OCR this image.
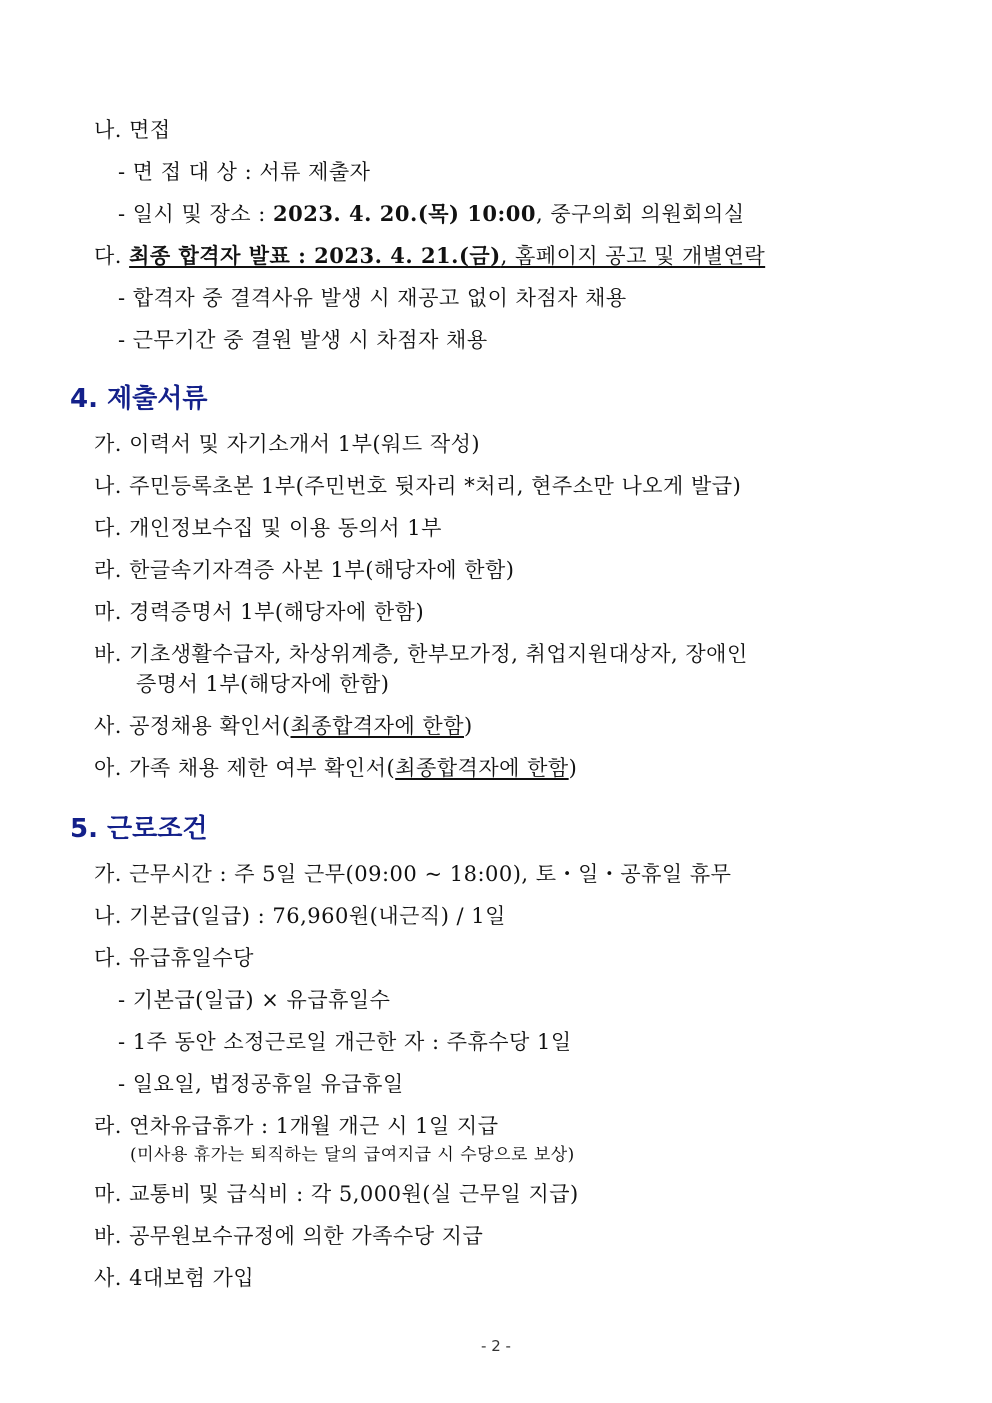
나. 면접
- 면 접 대 상 : 서류 제출자
- 일시 및 장소 : 2023. 4. 20.(목) 10:00, 중구의회 의원회의실
다. 최종 합격자 발표 : 2023. 4. 21.(금), 홈페이지 공고 및 개별연락
- 합격자 중 결격사유 발생 시 재공고 없이 차점자 채용
- 근무기간 중 결원 발생 시 차점자 채용
4. 제출서류
가. 이력서 및 자기소개서 1부(워드 작성)
나. 주민등록초본 1부(주민번호 뒷자리 *처리, 현주소만 나오게 발급)
다. 개인정보수집 및 이용 동의서 1부
라. 한글속기자격증 사본 1부(해당자에 한함)
마. 경력증명서 1부(해당자에 한함)
바. 기초생활수급자, 차상위계층, 한부모가정, 취업지원대상자, 장애인
증명서 1부(해당자에 한함)
사. 공정채용 확인서(최종합격자에 한함)
아. 가족 채용 제한 여부 확인서(최종합격자에 한함)
5. 근로조건
가. 근무시간 : 주 5일 근무(09:00 ~ 18:00), 토・일・공휴일 휴무
나. 기본급(일급) : 76,960원(내근직) / 1일
다. 유급휴일수당
- 기본급(일급) × 유급휴일수
- 1주 동안 소정근로일 개근한 자 : 주휴수당 1일
- 일요일, 법정공휴일 유급휴일
라. 연차유급휴가 : 1개월 개근 시 1일 지급
(미사용 휴가는 퇴직하는 달의 급여지급 시 수당으로 보상)
마. 교통비 및 급식비 : 각 5,000원(실 근무일 지급)
바. 공무원보수규정에 의한 가족수당 지급
사. 4대보험 가입
- 2 -
